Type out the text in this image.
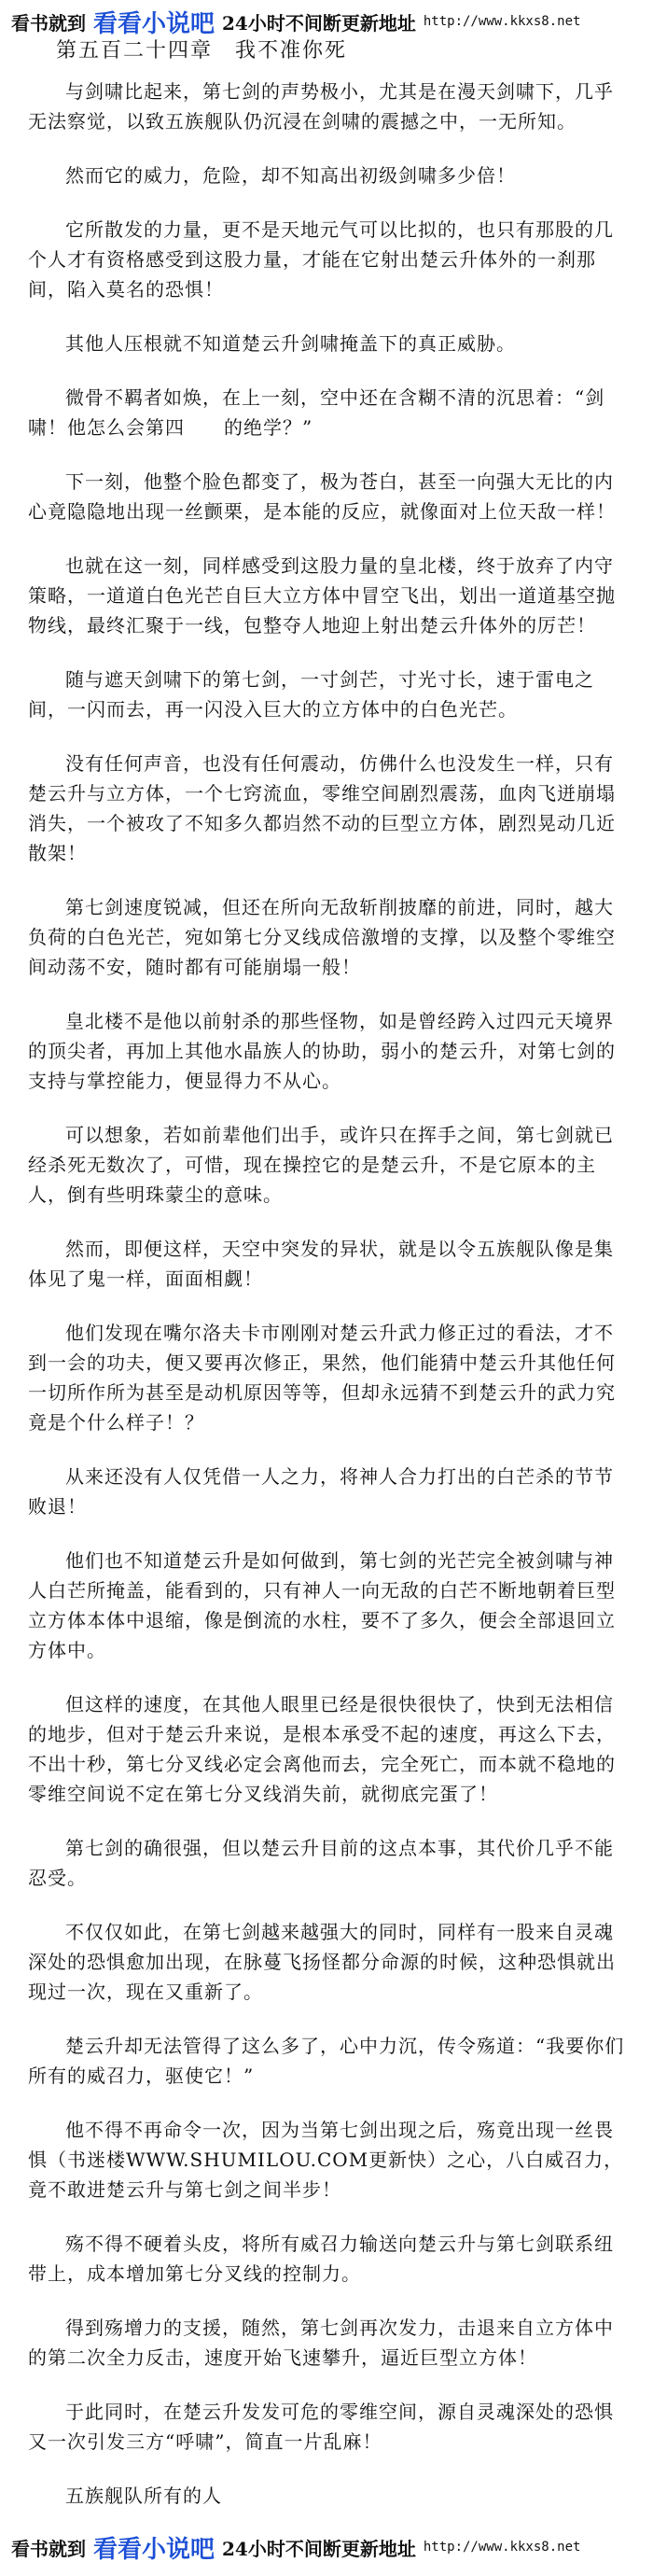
看书就到 看看小说吧 24小时不间断更新地址 http://www.kkxs8.net
第五百二十四章　我不准你死

与剑啸比起来，第七剑的声势极小，尤其是在漫天剑啸下，几乎无法察觉，以致五族舰队仍沉浸在剑啸的震撼之中，一无所知。

然而它的威力，危险，却不知高出初级剑啸多少倍！

它所散发的力量，更不是天地元气可以比拟的，也只有那股的几个人才有资格感受到这股力量，才能在它射出楚云升体外的一刹那间，陷入莫名的恐惧！

其他人压根就不知道楚云升剑啸掩盖下的真正威胁。

微骨不羁者如焕，在上一刻，空中还在含糊不清的沉思着：“剑啸！他怎么会第四　　的绝学？”

下一刻，他整个脸色都变了，极为苍白，甚至一向强大无比的内心竟隐隐地出现一丝颤栗，是本能的反应，就像面对上位天敌一样！

也就在这一刻，同样感受到这股力量的皇北楼，终于放弃了内守策略，一道道白色光芒自巨大立方体中冒空飞出，划出一道道基空抛物线，最终汇聚于一线，包整夺人地迎上射出楚云升体外的厉芒！

随与遮天剑啸下的第七剑，一寸剑芒，寸光寸长，速于雷电之间，一闪而去，再一闪没入巨大的立方体中的白色光芒。

没有任何声音，也没有任何震动，仿佛什么也没发生一样，只有楚云升与立方体，一个七窍流血，零维空间剧烈震荡，血肉飞迸崩塌消失，一个被攻了不知多久都岿然不动的巨型立方体，剧烈晃动几近散架！

第七剑速度锐减，但还在所向无敌斩削披靡的前进，同时，越大负荷的白色光芒，宛如第七分叉线成倍激增的支撑，以及整个零维空间动荡不安，随时都有可能崩塌一般！

皇北楼不是他以前射杀的那些怪物，如是曾经跨入过四元天境界的顶尖者，再加上其他水晶族人的协助，弱小的楚云升，对第七剑的支持与掌控能力，便显得力不从心。

可以想象，若如前辈他们出手，或许只在挥手之间，第七剑就已经杀死无数次了，可惜，现在操控它的是楚云升，不是它原本的主人，倒有些明珠蒙尘的意味。

然而，即便这样，天空中突发的异状，就是以令五族舰队像是集体见了鬼一样，面面相觑！

他们发现在嘴尔洛夫卡市刚刚对楚云升武力修正过的看法，才不到一会的功夫，便又要再次修正，果然，他们能猜中楚云升其他任何一切所作所为甚至是动机原因等等，但却永远猜不到楚云升的武力究竟是个什么样子！？

从来还没有人仅凭借一人之力，将神人合力打出的白芒杀的节节败退！

他们也不知道楚云升是如何做到，第七剑的光芒完全被剑啸与神人白芒所掩盖，能看到的，只有神人一向无敌的白芒不断地朝着巨型立方体本体中退缩，像是倒流的水柱，要不了多久，便会全部退回立方体中。

但这样的速度，在其他人眼里已经是很快很快了，快到无法相信的地步，但对于楚云升来说，是根本承受不起的速度，再这么下去，不出十秒，第七分叉线必定会离他而去，完全死亡，而本就不稳地的零维空间说不定在第七分叉线消失前，就彻底完蛋了！

第七剑的确很强，但以楚云升目前的这点本事，其代价几乎不能忍受。

不仅仅如此，在第七剑越来越强大的同时，同样有一股来自灵魂深处的恐惧愈加出现，在脉蔓飞扬怪都分命源的时候，这种恐惧就出现过一次，现在又重新了。

楚云升却无法管得了这么多了，心中力沉，传令殇道：“我要你们所有的威召力，驱使它！”

他不得不再命令一次，因为当第七剑出现之后，殇竟出现一丝畏惧（书迷楼WWW.SHUMILOU.COM更新快）之心，八白威召力，竟不敢进楚云升与第七剑之间半步！

殇不得不硬着头皮，将所有威召力输送向楚云升与第七剑联系纽带上，成本增加第七分叉线的控制力。

得到殇增力的支援，随然，第七剑再次发力，击退来自立方体中的第二次全力反击，速度开始飞速攀升，逼近巨型立方体！

于此同时，在楚云升发发可危的零维空间，源自灵魂深处的恐惧又一次引发三方“呼啸”，简直一片乱麻！

五族舰队所有的人

看书就到 看看小说吧 24小时不间断更新地址 http://www.kkxs8.net
